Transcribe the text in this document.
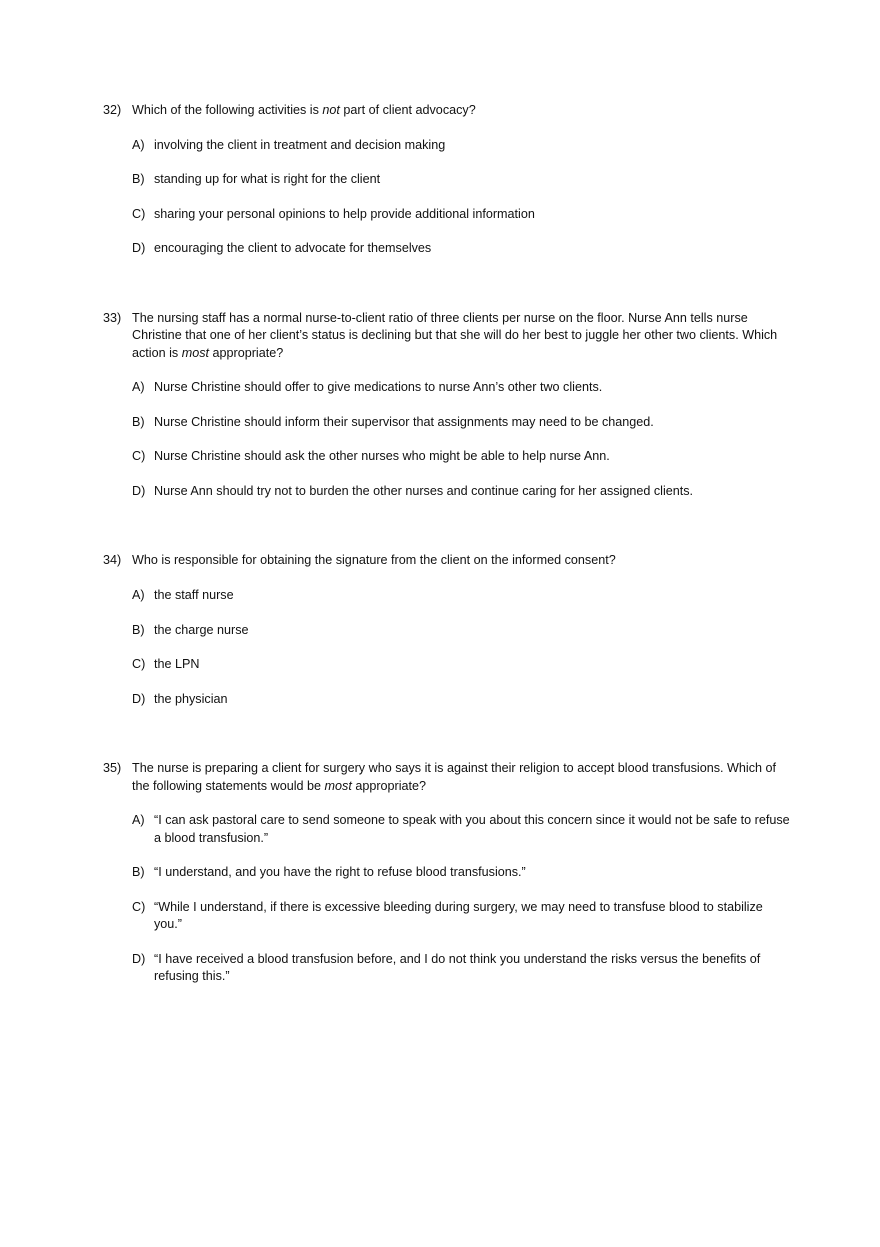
32) Which of the following activities is not part of client advocacy?
A) involving the client in treatment and decision making
B) standing up for what is right for the client
C) sharing your personal opinions to help provide additional information
D) encouraging the client to advocate for themselves
33) The nursing staff has a normal nurse-to-client ratio of three clients per nurse on the floor. Nurse Ann tells nurse Christine that one of her client’s status is declining but that she will do her best to juggle her other two clients. Which action is most appropriate?
A) Nurse Christine should offer to give medications to nurse Ann’s other two clients.
B) Nurse Christine should inform their supervisor that assignments may need to be changed.
C) Nurse Christine should ask the other nurses who might be able to help nurse Ann.
D) Nurse Ann should try not to burden the other nurses and continue caring for her assigned clients.
34) Who is responsible for obtaining the signature from the client on the informed consent?
A) the staff nurse
B) the charge nurse
C) the LPN
D) the physician
35) The nurse is preparing a client for surgery who says it is against their religion to accept blood transfusions. Which of the following statements would be most appropriate?
A) “I can ask pastoral care to send someone to speak with you about this concern since it would not be safe to refuse a blood transfusion.”
B) “I understand, and you have the right to refuse blood transfusions.”
C) “While I understand, if there is excessive bleeding during surgery, we may need to transfuse blood to stabilize you.”
D) “I have received a blood transfusion before, and I do not think you understand the risks versus the benefits of refusing this.”
